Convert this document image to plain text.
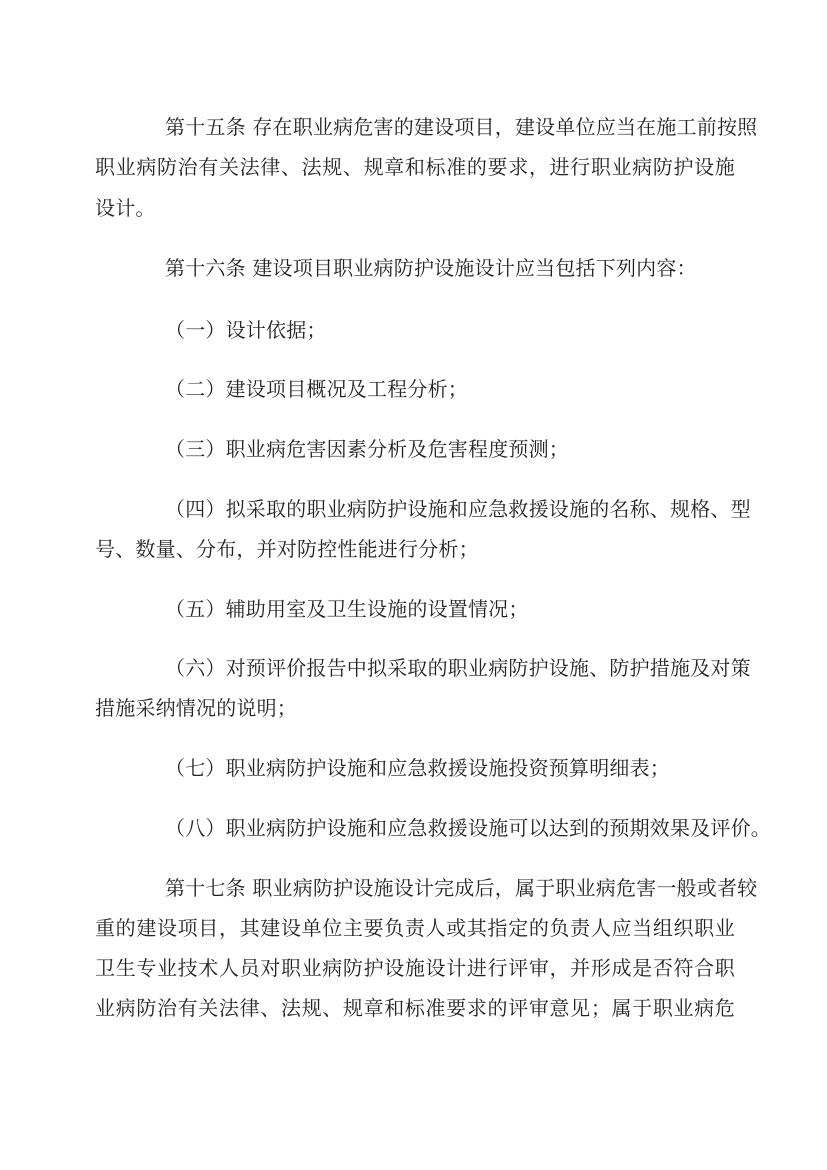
第十五条 存在职业病危害的建设项目，建设单位应当在施工前按照
职业病防治有关法律、法规、规章和标准的要求，进行职业病防护设施
设计。
第十六条 建设项目职业病防护设施设计应当包括下列内容：
（一）设计依据；
（二）建设项目概况及工程分析；
（三）职业病危害因素分析及危害程度预测；
（四）拟采取的职业病防护设施和应急救援设施的名称、规格、型
号、数量、分布，并对防控性能进行分析；
（五）辅助用室及卫生设施的设置情况；
（六）对预评价报告中拟采取的职业病防护设施、防护措施及对策
措施采纳情况的说明；
（七）职业病防护设施和应急救援设施投资预算明细表；
（八）职业病防护设施和应急救援设施可以达到的预期效果及评价。
第十七条 职业病防护设施设计完成后，属于职业病危害一般或者较
重的建设项目，其建设单位主要负责人或其指定的负责人应当组织职业
卫生专业技术人员对职业病防护设施设计进行评审，并形成是否符合职
业病防治有关法律、法规、规章和标准要求的评审意见；属于职业病危
